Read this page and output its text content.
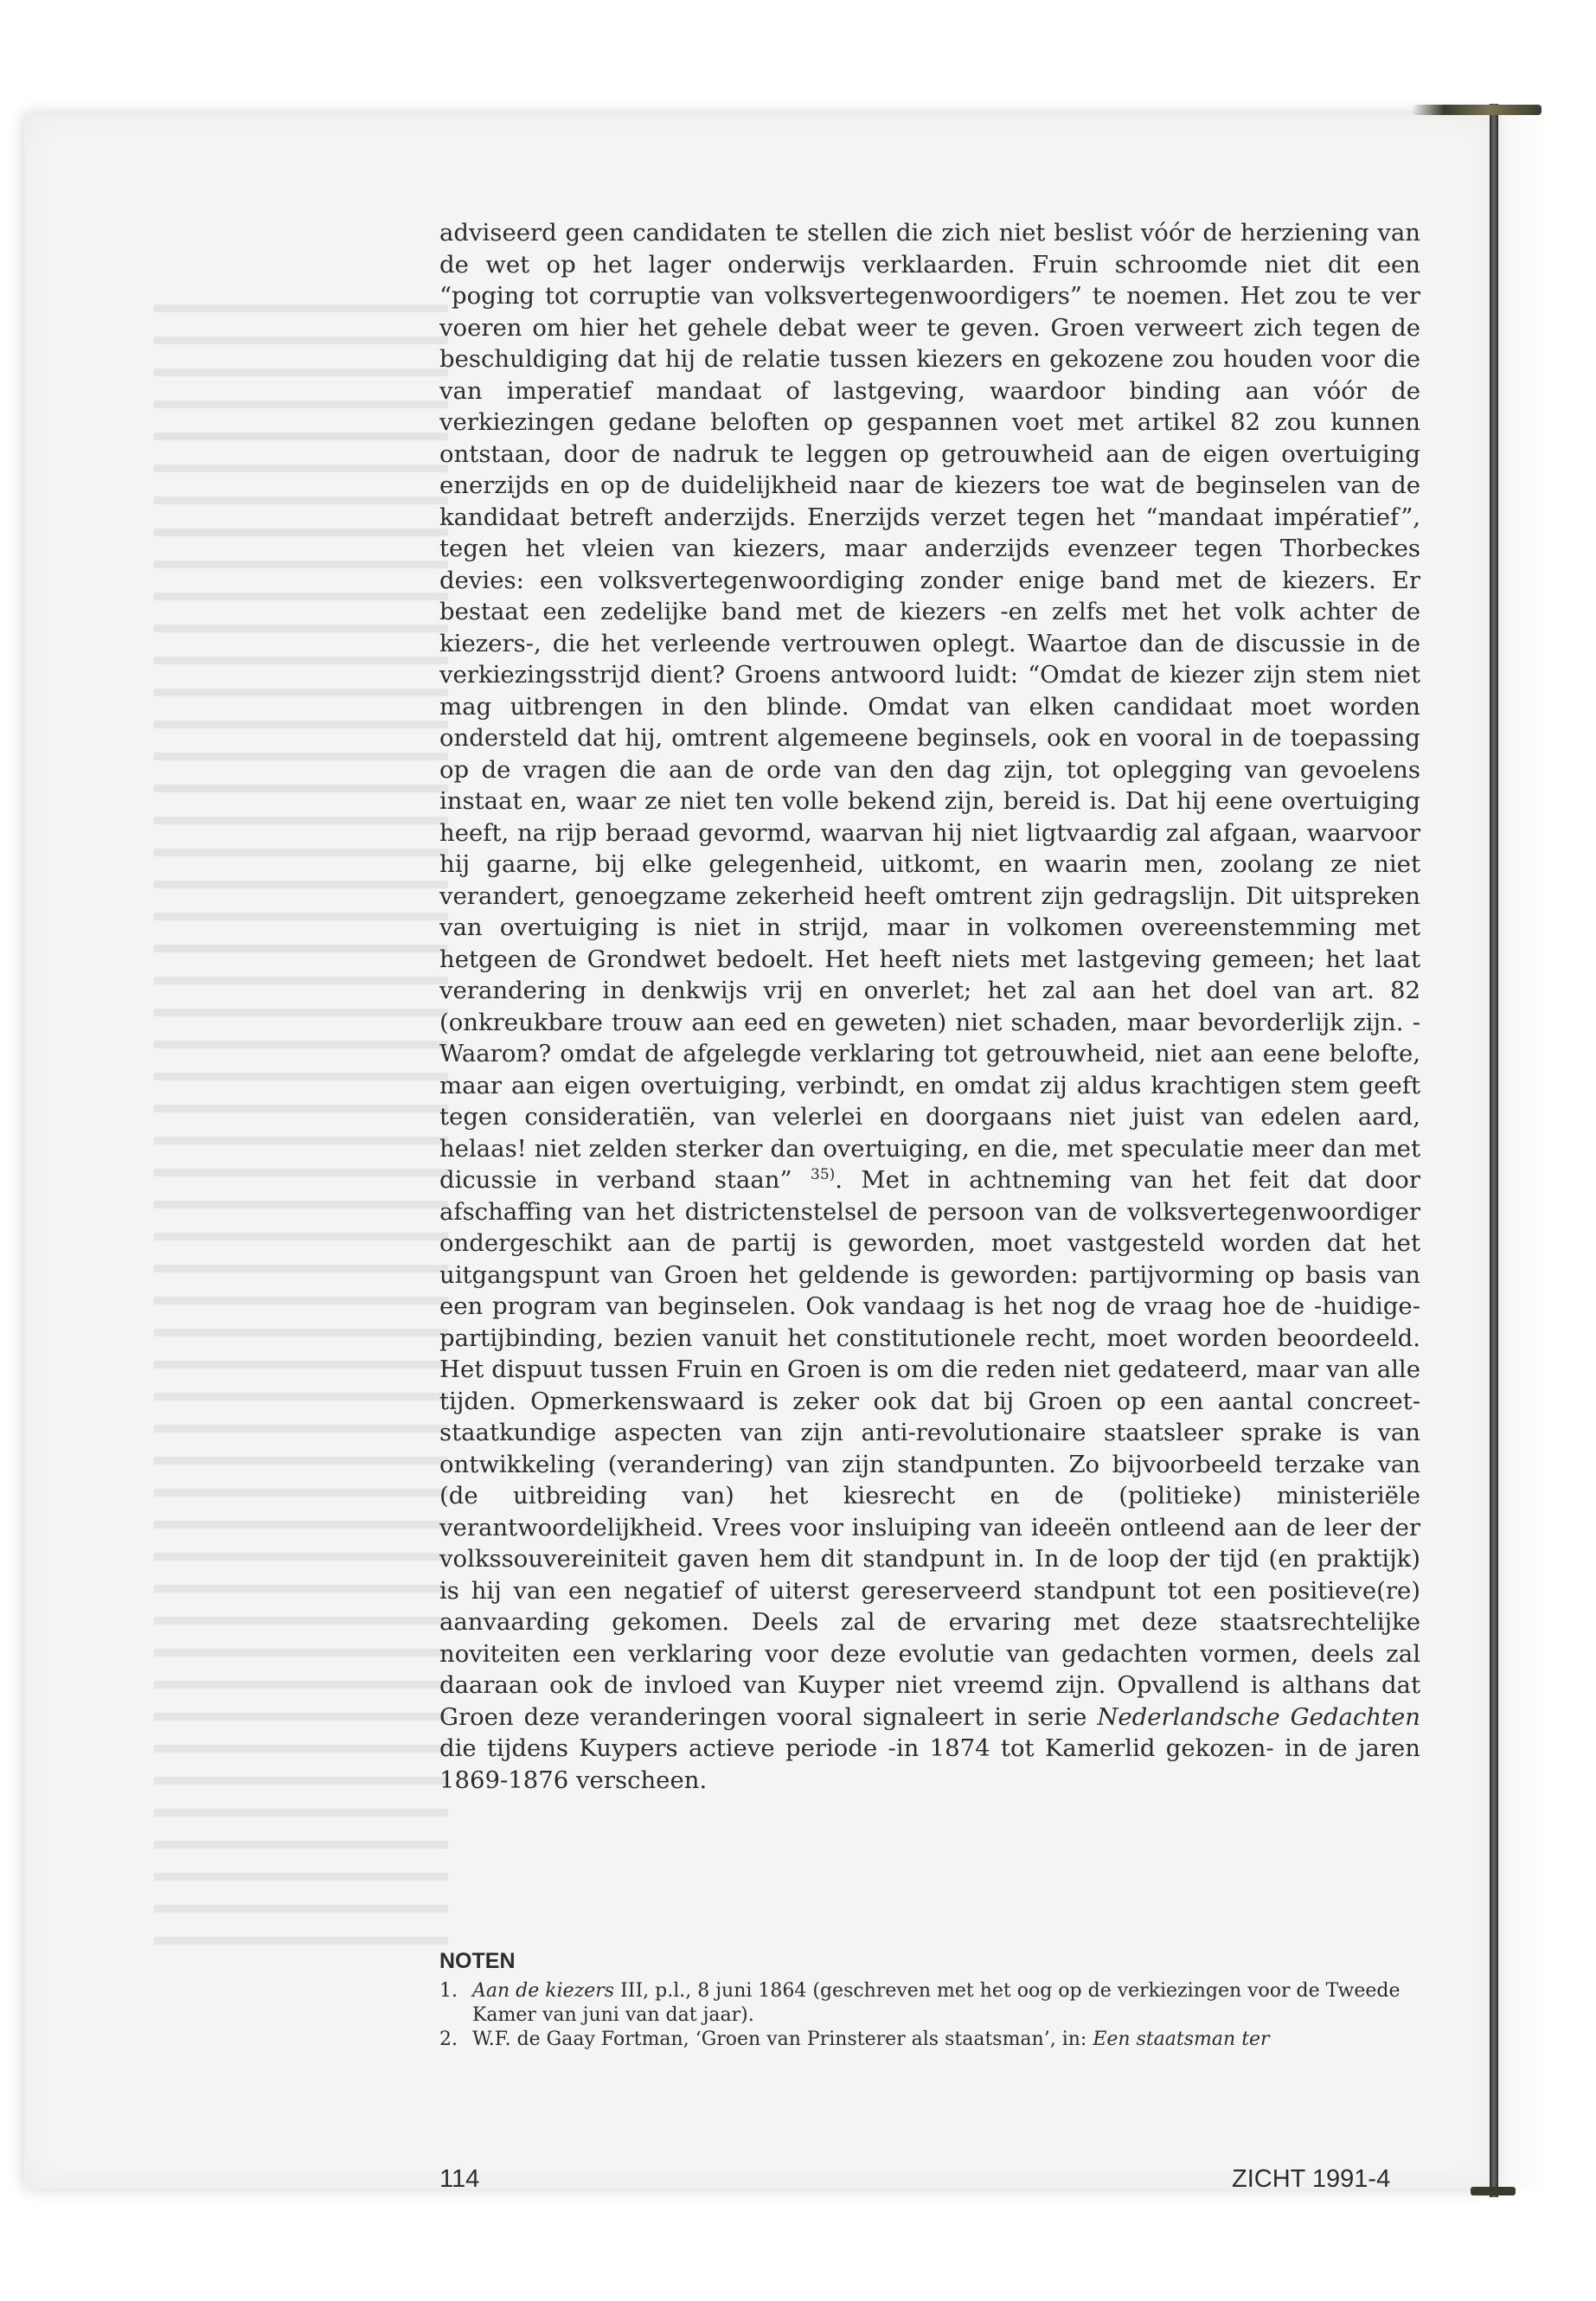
adviseerd geen candidaten te stellen die zich niet beslist vóór de herziening van de wet op het lager onderwijs verklaarden. Fruin schroomde niet dit een “poging tot corruptie van volksvertegenwoordigers” te noemen. Het zou te ver voeren om hier het gehele debat weer te geven. Groen verweert zich tegen de beschuldiging dat hij de relatie tussen kiezers en gekozene zou houden voor die van imperatief mandaat of lastgeving, waardoor binding aan vóór de verkiezingen gedane beloften op gespannen voet met artikel 82 zou kunnen ontstaan, door de nadruk te leggen op getrouwheid aan de eigen overtuiging enerzijds en op de duidelijkheid naar de kiezers toe wat de beginselen van de kandidaat betreft anderzijds. Enerzijds verzet tegen het “mandaat impératief”, tegen het vleien van kiezers, maar anderzijds evenzeer tegen Thorbeckes devies: een volksvertegenwoordiging zonder enige band met de kiezers. Er bestaat een zedelijke band met de kiezers -en zelfs met het volk achter de kiezers-, die het verleende vertrouwen oplegt. Waartoe dan de discussie in de verkiezingsstrijd dient? Groens antwoord luidt: “Omdat de kiezer zijn stem niet mag uitbrengen in den blinde. Omdat van elken candidaat moet worden ondersteld dat hij, omtrent algemeene beginsels, ook en vooral in de toepassing op de vragen die aan de orde van den dag zijn, tot oplegging van gevoelens instaat en, waar ze niet ten volle bekend zijn, bereid is. Dat hij eene overtuiging heeft, na rijp beraad gevormd, waarvan hij niet ligtvaardig zal afgaan, waarvoor hij gaarne, bij elke gelegenheid, uitkomt, en waarin men, zoolang ze niet verandert, genoegzame zekerheid heeft omtrent zijn gedragslijn. Dit uitspreken van overtuiging is niet in strijd, maar in volkomen overeenstemming met hetgeen de Grondwet bedoelt. Het heeft niets met lastgeving gemeen; het laat verandering in denkwijs vrij en onverlet; het zal aan het doel van art. 82 (onkreukbare trouw aan eed en geweten) niet schaden, maar bevorderlijk zijn. -Waarom? omdat de afgelegde verklaring tot getrouwheid, niet aan eene belofte, maar aan eigen overtuiging, verbindt, en omdat zij aldus krachtigen stem geeft tegen consideratiën, van velerlei en doorgaans niet juist van edelen aard, helaas! niet zelden sterker dan overtuiging, en die, met speculatie meer dan met dicussie in verband staan” $^{35)}$. Met in achtneming van het feit dat door afschaffing van het districtenstelsel de persoon van de volksvertegenwoordiger ondergeschikt aan de partij is geworden, moet vastgesteld worden dat het uitgangspunt van Groen het geldende is geworden: partijvorming op basis van een program van beginselen. Ook vandaag is het nog de vraag hoe de -huidigepartijbinding, bezien vanuit het constitutionele recht, moet worden beoordeeld. Het dispuut tussen Fruin en Groen is om die reden niet gedateerd, maar van alle tijden. Opmerkenswaard is zeker ook dat bij Groen op een aantal concreet-staatkundige aspecten van zijn anti-revolutionaire staatsleer sprake is van ontwikkeling (verandering) van zijn standpunten. Zo bijvoorbeeld terzake van (de uitbreiding van) het kiesrecht en de (politieke) ministeriële verantwoordelijkheid. Vrees voor insluiping van ideeën ontleend aan de leer der volkssouvereiniteit gaven hem dit standpunt in. In de loop der tijd (en praktijk) is hij van een negatief of uiterst gereserveerd standpunt tot een positieve(re) aanvaarding gekomen. Deels zal de ervaring met deze staatsrechtelijke noviteiten een verklaring voor deze evolutie van gedachten vormen, deels zal daaraan ook de invloed van Kuyper niet vreemd zijn. Opvallend is althans dat Groen deze veranderingen vooral signaleert in serie Nederlandsche Gedachten die tijdens Kuypers actieve periode -in 1874 tot Kamerlid gekozen- in de jaren 1869-1876 verscheen.

NOTEN

1. Aan de kiezers III, p.l., 8 juni 1864 (geschreven met het oog op de verkiezingen voor de Tweede Kamer van juni van dat jaar).
2. W.F. de Gaay Fortman, ‘Groen van Prinsterer als staatsman’, in: Een staatsman ter

114	ZICHT 1991-4
